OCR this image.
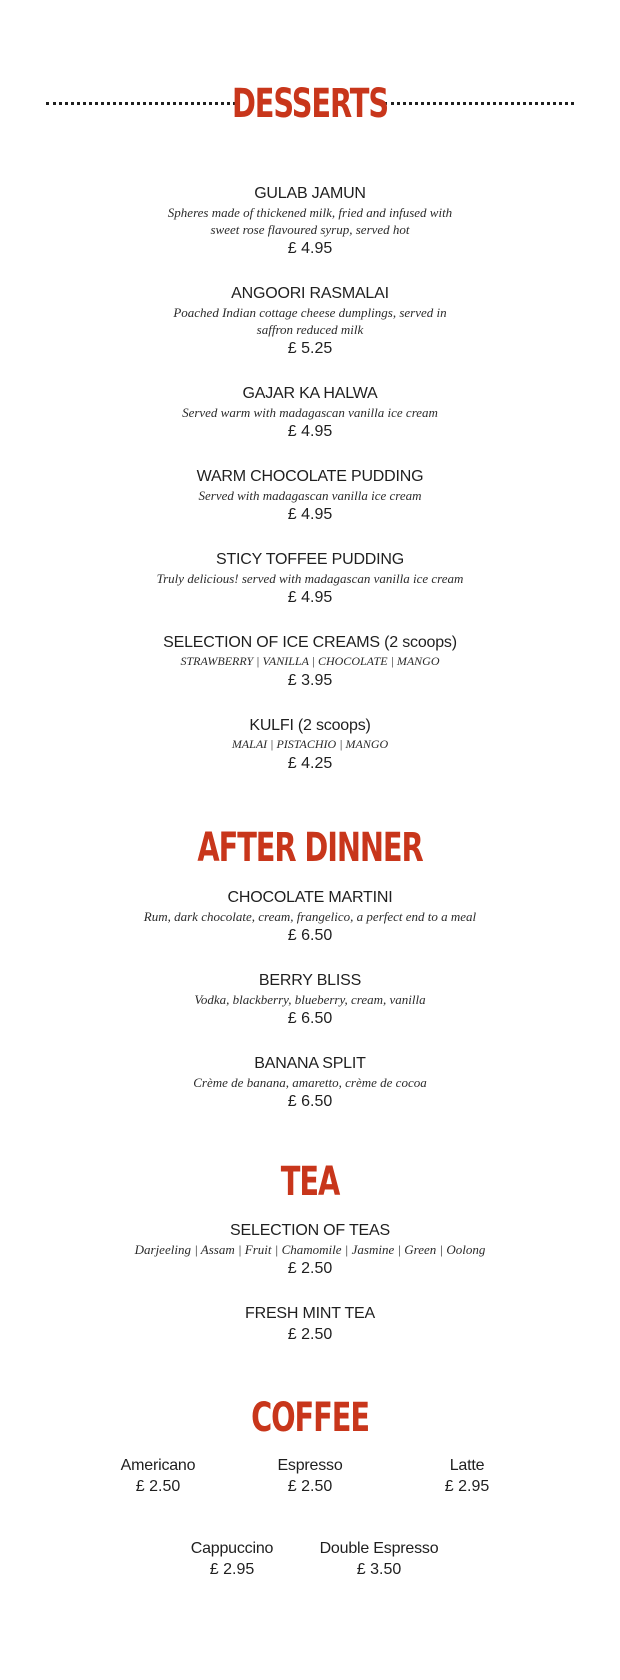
DESSERTS
GULAB JAMUN
Spheres made of thickened milk, fried and infused with sweet rose flavoured syrup, served hot
£ 4.95
ANGOORI RASMALAI
Poached Indian cottage cheese dumplings, served in saffron reduced milk
£ 5.25
GAJAR KA HALWA
Served warm with madagascan vanilla ice cream
£ 4.95
WARM CHOCOLATE PUDDING
Served with madagascan vanilla ice cream
£ 4.95
STICY TOFFEE PUDDING
Truly delicious! served with madagascan vanilla ice cream
£ 4.95
SELECTION OF ICE CREAMS (2 scoops)
STRAWBERRY | VANILLA | CHOCOLATE | MANGO
£ 3.95
KULFI (2 scoops)
MALAI | PISTACHIO | MANGO
£ 4.25
AFTER DINNER
CHOCOLATE MARTINI
Rum, dark chocolate, cream, frangelico, a perfect end to a meal
£ 6.50
BERRY BLISS
Vodka, blackberry, blueberry, cream, vanilla
£ 6.50
BANANA SPLIT
Crème de banana, amaretto, crème de cocoa
£ 6.50
TEA
SELECTION OF TEAS
Darjeeling | Assam | Fruit | Chamomile | Jasmine | Green | Oolong
£ 2.50
FRESH MINT TEA
£ 2.50
COFFEE
Americano
£ 2.50
Espresso
£ 2.50
Latte
£ 2.95
Cappuccino
£ 2.95
Double Espresso
£ 3.50
